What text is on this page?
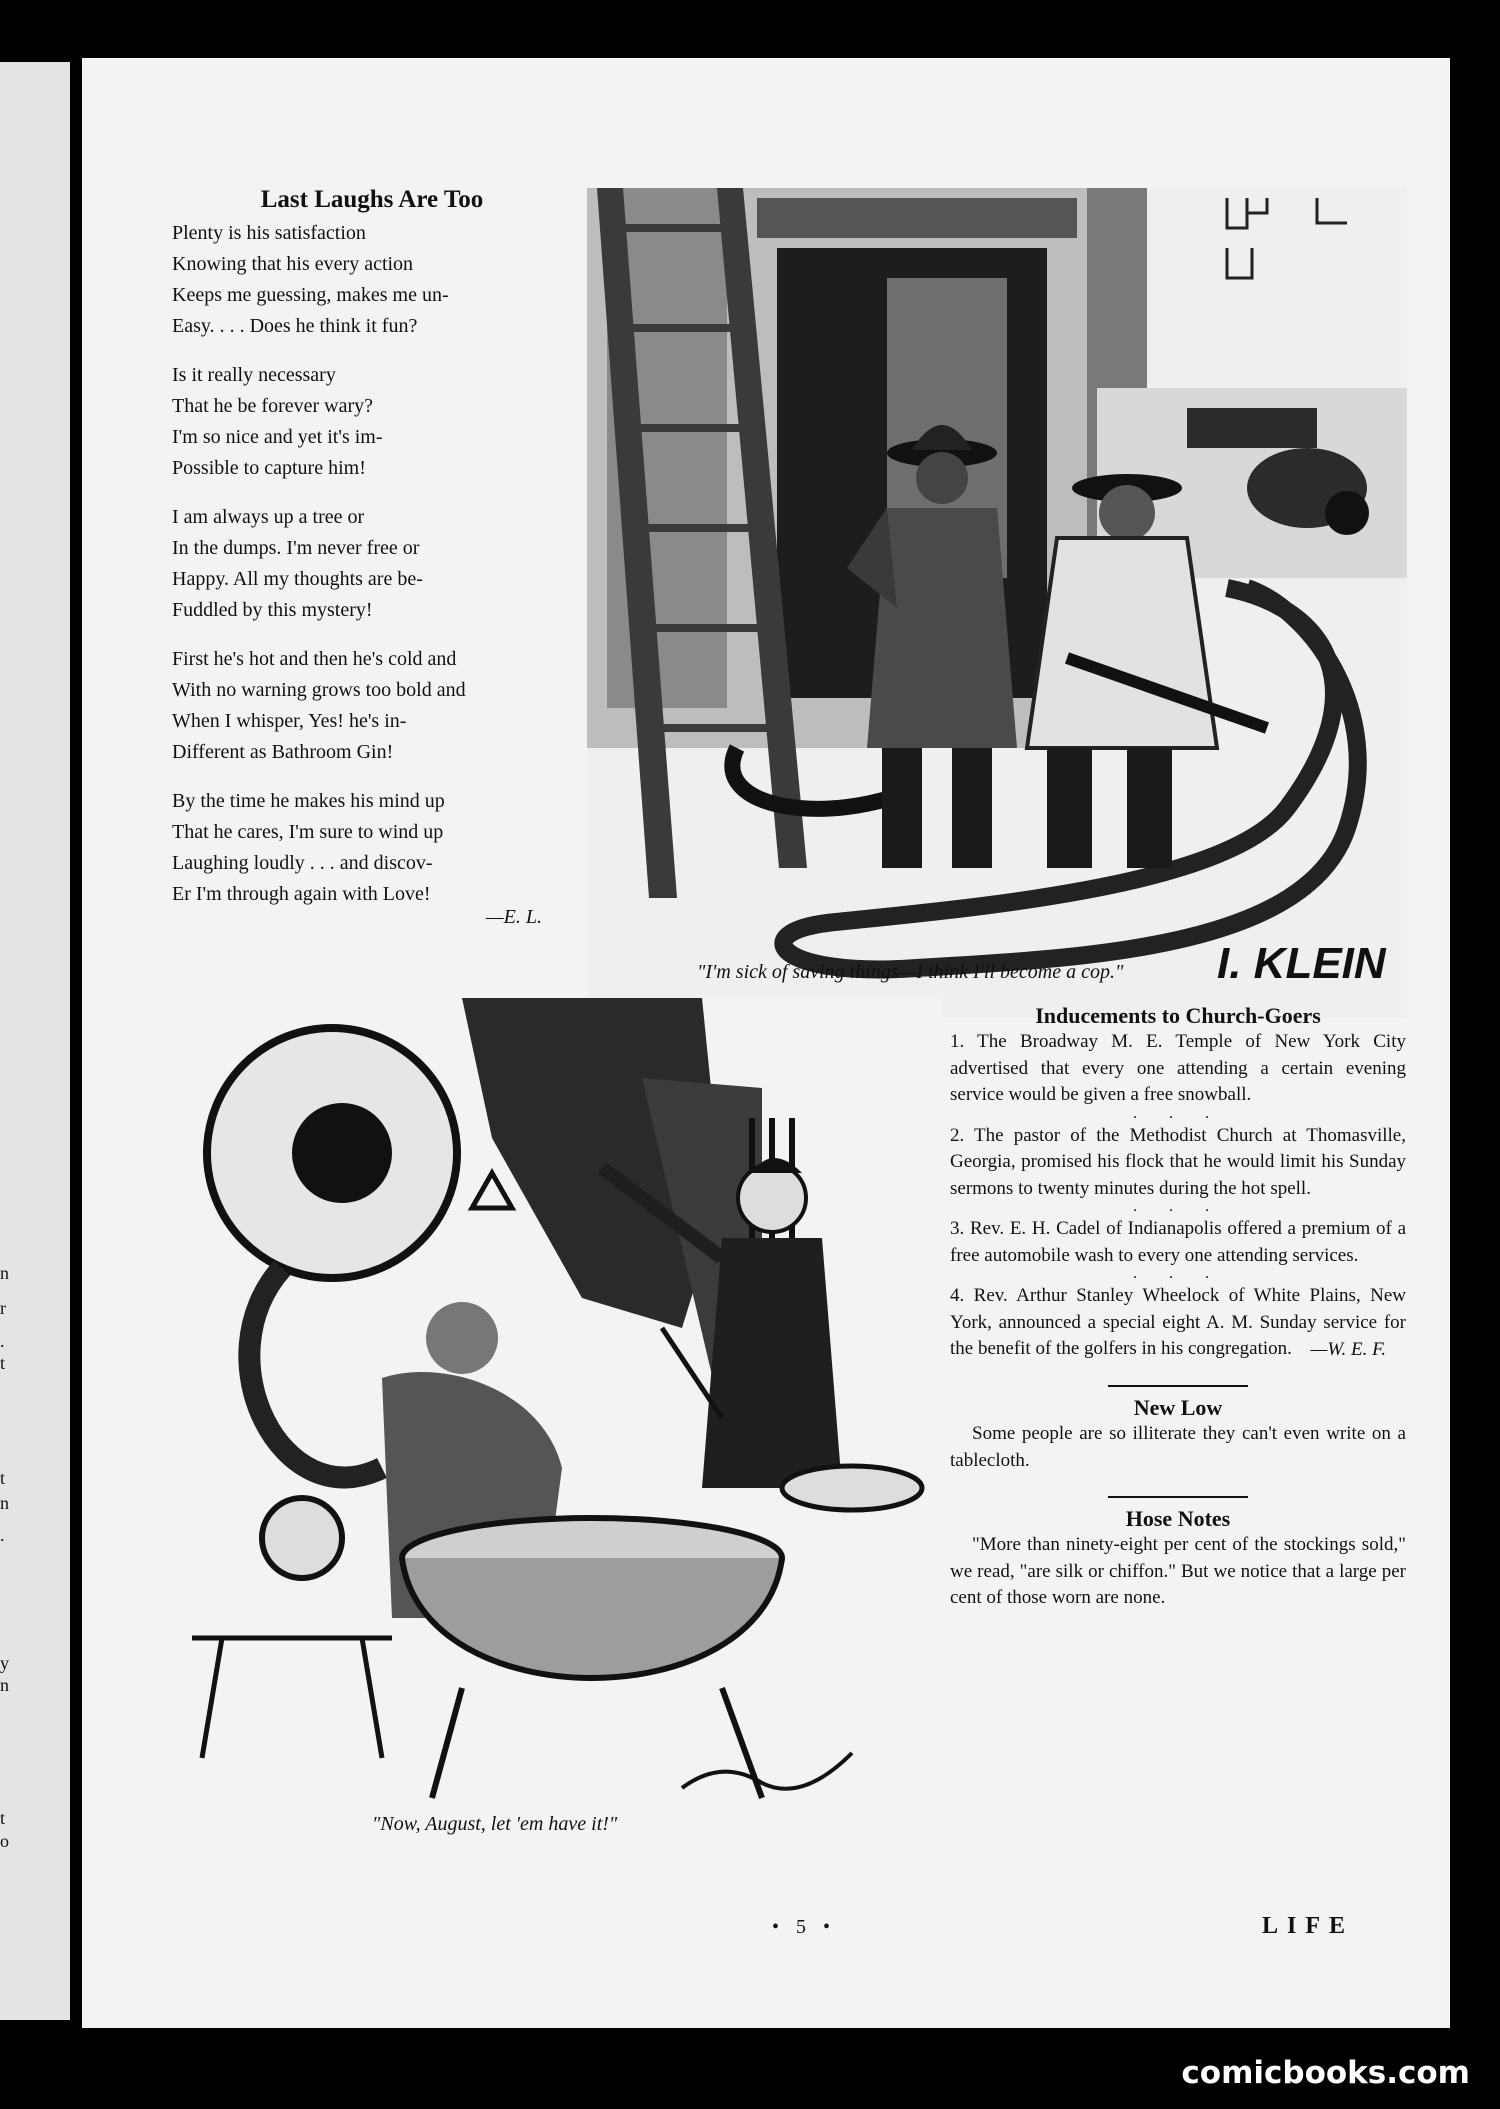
n
r
.
t
t
n
.
y
n
t
o
Last Laughs Are Too
Plenty is his satisfaction
Knowing that his every action
Keeps me guessing, makes me un-
Easy. . . . Does he think it fun?
Is it really necessary
That he be forever wary?
I'm so nice and yet it's im-
Possible to capture him!
I am always up a tree or
In the dumps. I'm never free or
Happy. All my thoughts are be-
Fuddled by this mystery!
First he's hot and then he's cold and
With no warning grows too bold and
When I whisper, Yes! he's in-
Different as Bathroom Gin!
By the time he makes his mind up
That he cares, I'm sure to wind up
Laughing loudly . . . and discov-
Er I'm through again with Love!
—E. L.
I. KLEIN
"I'm sick of saving things—I think I'll become a cop."
"Now, August, let 'em have it!"
Inducements to Church-Goers

1. The Broadway M. E. Temple of New York City advertised that every one attending a certain evening service would be given a free snowball.

. . .

2. The pastor of the Methodist Church at Thomasville, Georgia, promised his flock that he would limit his Sunday sermons to twenty minutes during the hot spell.

. . .

3. Rev. E. H. Cadel of Indianapolis offered a premium of a free automobile wash to every one attending services.

. . .

4. Rev. Arthur Stanley Wheelock of White Plains, New York, announced a special eight A. M. Sunday service for the benefit of the golfers in his congregation. —W. E. F.

New Low

Some people are so illiterate they can't even write on a tablecloth.

Hose Notes

"More than ninety-eight per cent of the stockings sold," we read, "are silk or chiffon." But we notice that a large per cent of those worn are none.

• 5 •	LIFE
comicbooks.com
